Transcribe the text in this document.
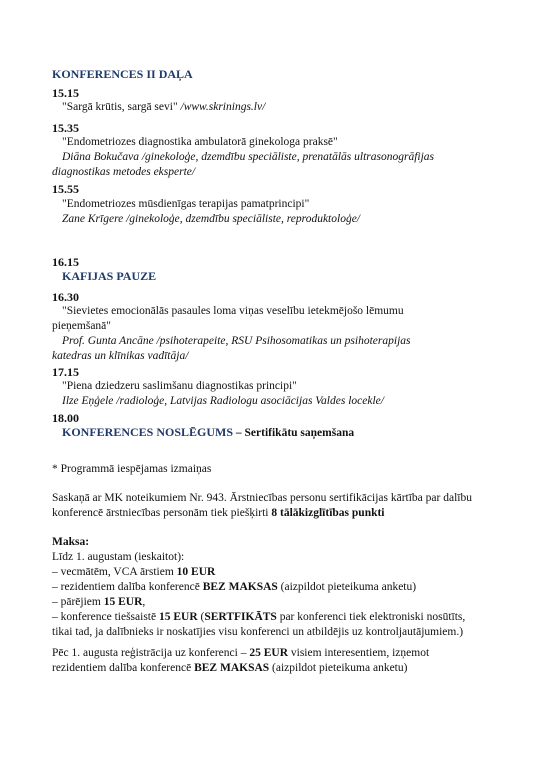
KONFERENCES II DAĻA
15.15
"Sargā krūtis, sargā sevi" /www.skrinings.lv/
15.35
"Endometriozes diagnostika ambulatorā ginekologa praksē"
Diāna Bokučava /ginekoloģe, dzemdību speciāliste, prenatālās ultrasonogrāfijas
diagnostikas metodes eksperte/
15.55
"Endometriozes mūsdienīgas terapijas pamatprincipi"
Zane Krīgere /ginekoloģe, dzemdību speciāliste, reproduktoloģe/
16.15
KAFIJAS PAUZE
16.30
"Sievietes emocionālās pasaules loma viņas veselību ietekmējošo lēmumu
pieņemšanā"
Prof. Gunta Ancāne /psihoterapeite, RSU Psihosomatikas un psihoterapijas
katedras un klīnikas vadītāja/
17.15
"Piena dziedzeru saslimšanu diagnostikas principi"
Ilze Eņģele /radioloģe, Latvijas Radiologu asociācijas Valdes locekle/
18.00
KONFERENCES NOSLĒGUMS – Sertifikātu saņemšana
* Programmā iespējamas izmaiņas
Saskaņā ar MK noteikumiem Nr. 943. Ārstniecības personu sertifikācijas kārtība par dalību
konferencē ārstniecības personām tiek piešķirti 8 tālākizglītības punkti
Maksa:
Līdz 1. augustam (ieskaitot):
– vecmātēm, VCA ārstiem 10 EUR
– rezidentiem dalība konferencē BEZ MAKSAS (aizpildot pieteikuma anketu)
– pārējiem 15 EUR,
– konference tiešsaistē 15 EUR (SERTFIKĀTS par konferenci tiek elektroniski nosūtīts,
tikai tad, ja dalībnieks ir noskatījies visu konferenci un atbildējis uz kontroljautājumiem.)
Pēc 1. augusta reģistrācija uz konferenci – 25 EUR visiem interesentiem, izņemot
rezidentiem dalība konferencē BEZ MAKSAS (aizpildot pieteikuma anketu)
